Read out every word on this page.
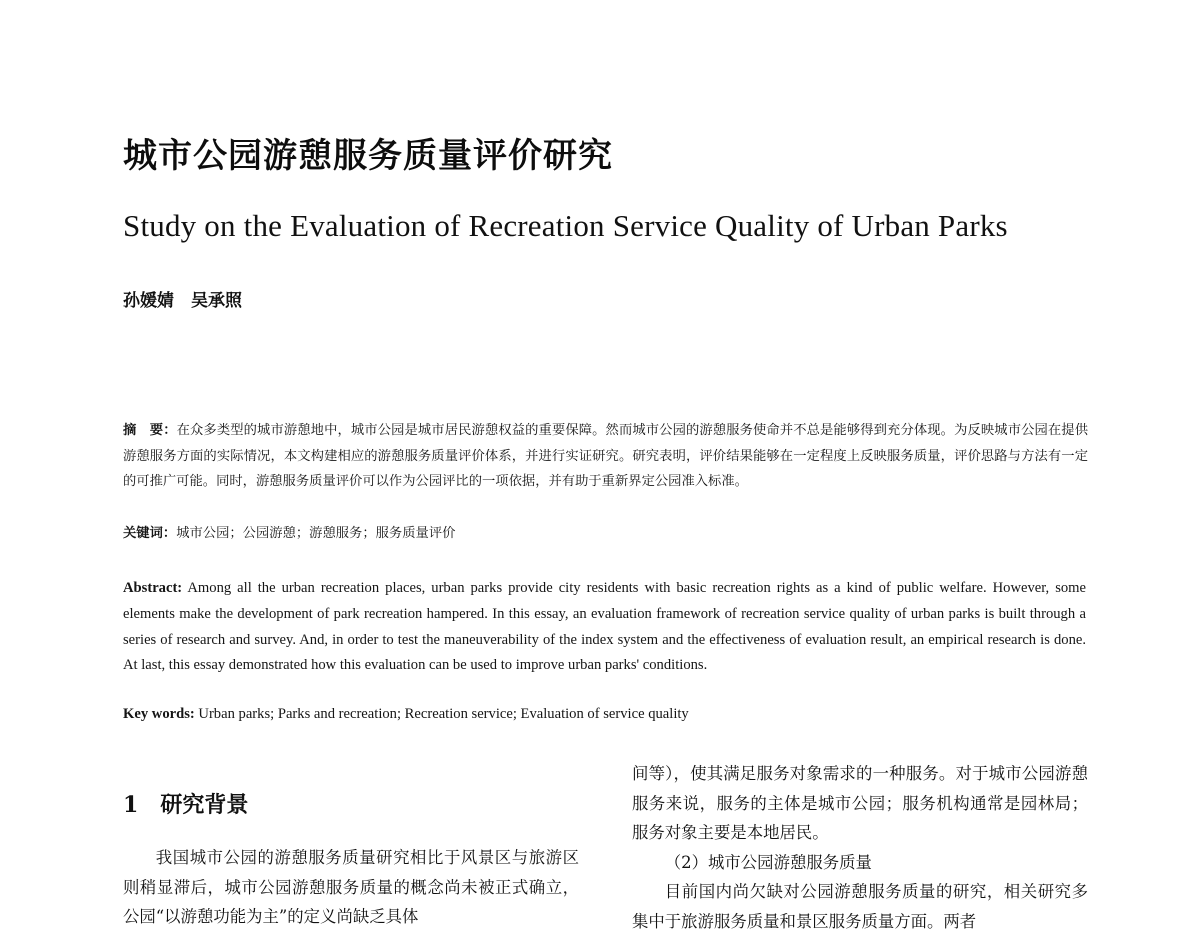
城市公园游憩服务质量评价研究
Study on the Evaluation of Recreation Service Quality of Urban Parks
孙媛婧　吴承照
摘　要：在众多类型的城市游憩地中，城市公园是城市居民游憩权益的重要保障。然而城市公园的游憩服务使命并不总是能够得到充分体现。为反映城市公园在提供游憩服务方面的实际情况，本文构建相应的游憩服务质量评价体系，并进行实证研究。研究表明，评价结果能够在一定程度上反映服务质量，评价思路与方法有一定的可推广可能。同时，游憩服务质量评价可以作为公园评比的一项依据，并有助于重新界定公园准入标准。
关键词：城市公园；公园游憩；游憩服务；服务质量评价
Abstract: Among all the urban recreation places, urban parks provide city residents with basic recreation rights as a kind of public welfare. However, some elements make the development of park recreation hampered. In this essay, an evaluation framework of recreation service quality of urban parks is built through a series of research and survey. And, in order to test the maneuverability of the index system and the effectiveness of evaluation result, an empirical research is done. At last, this essay demonstrated how this evaluation can be used to improve urban parks' conditions.
Key words: Urban parks; Parks and recreation; Recreation service; Evaluation of service quality
1 研究背景

我国城市公园的游憩服务质量研究相比于风景区与旅游区则稍显滞后，城市公园游憩服务质量的概念尚未被正式确立，公园“以游憩功能为主”的定义尚缺乏具体

间等），使其满足服务对象需求的一种服务。对于城市公园游憩服务来说，服务的主体是城市公园；服务机构通常是园林局；服务对象主要是本地居民。

（2）城市公园游憩服务质量

目前国内尚欠缺对公园游憩服务质量的研究，相关研究多集中于旅游服务质量和景区服务质量方面。两者
